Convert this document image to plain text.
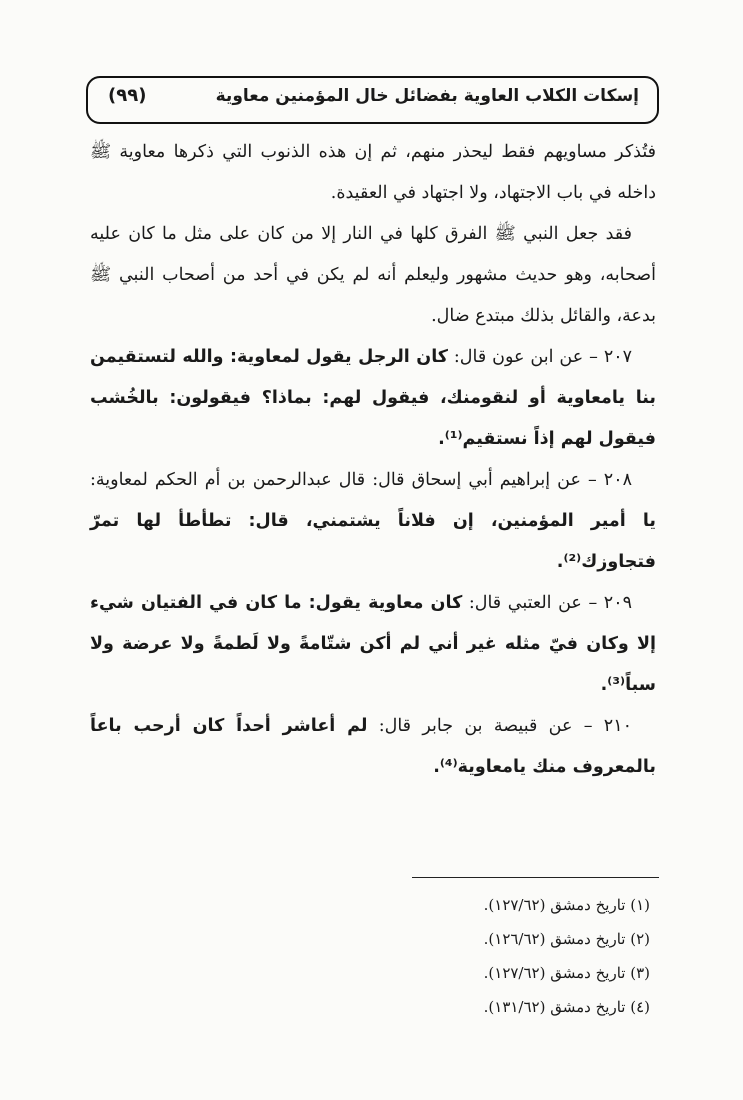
إسكات الكلاب العاوية بفضائل خال المؤمنين معاوية
(٩٩)

فتُذكر مساويهم فقط ليحذر منهم، ثم إن هذه الذنوب التي ذكرها معاوية ﷺ داخله في باب الاجتهاد، ولا اجتهاد في العقيدة.

فقد جعل النبي ﷺ الفرق كلها في النار إلا من كان على مثل ما كان عليه أصحابه، وهو حديث مشهور وليعلم أنه لم يكن في أحد من أصحاب النبي ﷺ بدعة، والقائل بذلك مبتدع ضال.

٢٠٧ – عن ابن عون قال: كان الرجل يقول لمعاوية: والله لتستقيمن بنا يامعاوية أو لنقومنك، فيقول لهم: بماذا؟ فيقولون: بالخُشب فيقول لهم إذاً نستقيم⁽¹⁾.

٢٠٨ – عن إبراهيم أبي إسحاق قال: قال عبدالرحمن بن أم الحكم لمعاوية: يا أمير المؤمنين، إن فلاناً يشتمني، قال: تطأطأ لها تمرّ فتجاوزك⁽²⁾.

٢٠٩ – عن العتبي قال: كان معاوية يقول: ما كان في الفتيان شيء إلا وكان فيّ مثله غير أني لم أكن شتّامةً ولا لَطمةً ولا عرضة ولا سباً⁽³⁾.

٢١٠ – عن قبيصة بن جابر قال: لم أعاشر أحداً كان أرحب باعاً بالمعروف منك يامعاوية⁽⁴⁾.

(١) تاريخ دمشق (١٢٧/٦٢).
(٢) تاريخ دمشق (١٢٦/٦٢).
(٣) تاريخ دمشق (١٢٧/٦٢).
(٤) تاريخ دمشق (١٣١/٦٢).
